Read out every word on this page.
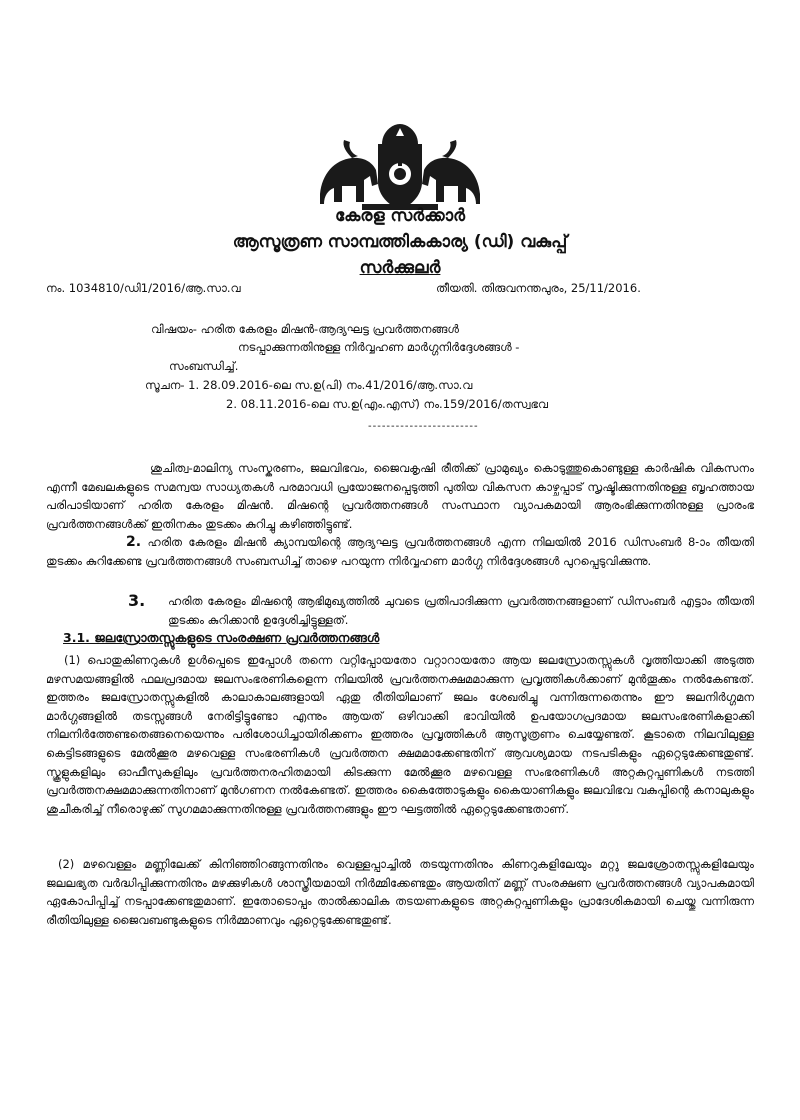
കേരള സർക്കാർ
ആസൂത്രണ സാമ്പത്തികകാര്യ (ഡി) വകുപ്പ്
സർക്കുലർ
നം. 1034810/ഡി1/2016/ആ.സാ.വ	തീയതി. തിരുവനന്തപുരം, 25/11/2016.
വിഷയം- ഹരിത കേരളം മിഷൻ-ആദ്യഘട്ട പ്രവർത്തനങ്ങൾ
നടപ്പാക്കുന്നതിനുള്ള നിർവ്വഹണ മാർഗ്ഗനിർദ്ദേശങ്ങൾ -
സംബന്ധിച്ച്.
സൂചന- 1. 28.09.2016-ലെ സ.ഉ(പി) നം.41/2016/ആ.സാ.വ
2. 08.11.2016-ലെ സ.ഉ(എം.എസ്) നം.159/2016/തസ്വഭവ
------------------------
ശുചിത്വ-മാലിന്യ സംസ്കരണം, ജലവിഭവം, ജൈവകൃഷി രീതിക്ക് പ്രാമുഖ്യം കൊടുത്തുകൊണ്ടുള്ള കാർഷിക വികസനം എന്നീ മേഖലകളുടെ സമന്വയ സാധ്യതകൾ പരമാവധി പ്രയോജനപ്പെടുത്തി പുതിയ വികസന കാഴ്ചപ്പാട് സൃഷ്ടിക്കുന്നതിനുള്ള ബൃഹത്തായ പരിപാടിയാണ് ഹരിത കേരളം മിഷൻ. മിഷന്റെ പ്രവർത്തനങ്ങൾ സംസ്ഥാന വ്യാപകമായി ആരംഭിക്കുന്നതിനുള്ള പ്രാരംഭ പ്രവർത്തനങ്ങൾക്ക് ഇതിനകം തുടക്കം കുറിച്ചു കഴിഞ്ഞിട്ടുണ്ട്.
2. ഹരിത കേരളം മിഷൻ ക്യാമ്പയിന്റെ ആദ്യഘട്ട പ്രവർത്തനങ്ങൾ എന്ന നിലയിൽ 2016 ഡിസംബർ 8-ാം തീയതി തുടക്കം കുറിക്കേണ്ട പ്രവർത്തനങ്ങൾ സംബന്ധിച്ച് താഴെ പറയുന്ന നിർവ്വഹണ മാർഗ്ഗ നിർദ്ദേശങ്ങൾ പുറപ്പെടുവിക്കുന്നു.
3. ഹരിത കേരളം മിഷന്റെ ആഭിമുഖ്യത്തിൽ ചുവടെ പ്രതിപാദിക്കുന്ന പ്രവർത്തനങ്ങളാണ് ഡിസംബർ എട്ടാം തീയതി തുടക്കം കുറിക്കാൻ ഉദ്ദേശിച്ചിട്ടുള്ളത്.
3.1. ജലസ്രോതസ്സുകളുടെ സംരക്ഷണ പ്രവർത്തനങ്ങൾ
(1) പൊതുകിണറുകൾ ഉൾപ്പെടെ ഇപ്പോൾ തന്നെ വറ്റിപ്പോയതോ വറ്റാറായതോ ആയ ജലസ്രോതസ്സുകൾ വൃത്തിയാക്കി അടുത്ത മഴസമയങ്ങളിൽ ഫലപ്രദമായ ജലസംഭരണികളെന്ന നിലയിൽ പ്രവർത്തനക്ഷമമാക്കുന്ന പ്രവൃത്തികൾക്കാണ് മുൻതൂക്കം നൽകേണ്ടത്. ഇത്തരം ജലസ്രോതസ്സുകളിൽ കാലാകാലങ്ങളായി ഏതു രീതിയിലാണ് ജലം ശേഖരിച്ചു വന്നിരുന്നതെന്നും ഈ ജലനിർഗ്ഗമന മാർഗ്ഗങ്ങളിൽ തടസ്സങ്ങൾ നേരിട്ടിട്ടുണ്ടോ എന്നും ആയത് ഒഴിവാക്കി ഭാവിയിൽ ഉപയോഗപ്രദമായ ജലസംഭരണികളാക്കി നിലനിർത്തേണ്ടതെങ്ങനെയെന്നും പരിശോധിച്ചായിരിക്കണം ഇത്തരം പ്രവൃത്തികൾ ആസൂത്രണം ചെയ്യേണ്ടത്. കൂടാതെ നിലവിലുള്ള കെട്ടിടങ്ങളുടെ മേൽക്കൂര മഴവെള്ള സംഭരണികൾ പ്രവർത്തന ക്ഷമമാക്കേണ്ടതിന് ആവശ്യമായ നടപടികളും ഏറ്റെടുക്കേണ്ടതുണ്ട്. സ്കൂളുകളിലും ഓഫീസുകളിലും പ്രവർത്തനരഹിതമായി കിടക്കുന്ന മേൽക്കൂര മഴവെള്ള സംഭരണികൾ അറ്റകുറ്റപ്പണികൾ നടത്തി പ്രവർത്തനക്ഷമമാക്കുന്നതിനാണ് മുൻഗണന നൽകേണ്ടത്. ഇത്തരം കൈത്തോടുകളും കൈയാണികളും ജലവിഭവ വകുപ്പിന്റെ കനാലുകളും ശുചീകരിച്ച് നീരൊഴുക്ക് സുഗമമാക്കുന്നതിനുള്ള പ്രവർത്തനങ്ങളും ഈ ഘട്ടത്തിൽ ഏറ്റെടുക്കേണ്ടതാണ്.
(2) മഴവെള്ളം മണ്ണിലേക്ക് കിനിഞ്ഞിറങ്ങുന്നതിനും വെള്ളപ്പാച്ചിൽ തടയുന്നതിനും കിണറുകളിലേയും മറ്റു ജലശ്രോതസ്സുകളിലേയും ജലലഭ്യത വർദ്ധിപ്പിക്കുന്നതിനും മഴക്കുഴികൾ ശാസ്ത്രീയമായി നിർമ്മിക്കേണ്ടതും ആയതിന് മണ്ണ് സംരക്ഷണ പ്രവർത്തനങ്ങൾ വ്യാപകമായി ഏകോപിപ്പിച്ച് നടപ്പാക്കേണ്ടതുമാണ്. ഇതോടൊപ്പം താൽക്കാലിക തടയണകളുടെ അറ്റകുറ്റപ്പണികളും പ്രാദേശികമായി ചെയ്തു വന്നിരുന്ന രീതിയിലുള്ള ജൈവബണ്ടുകളുടെ നിർമ്മാണവും ഏറ്റെടുക്കേണ്ടതുണ്ട്.
